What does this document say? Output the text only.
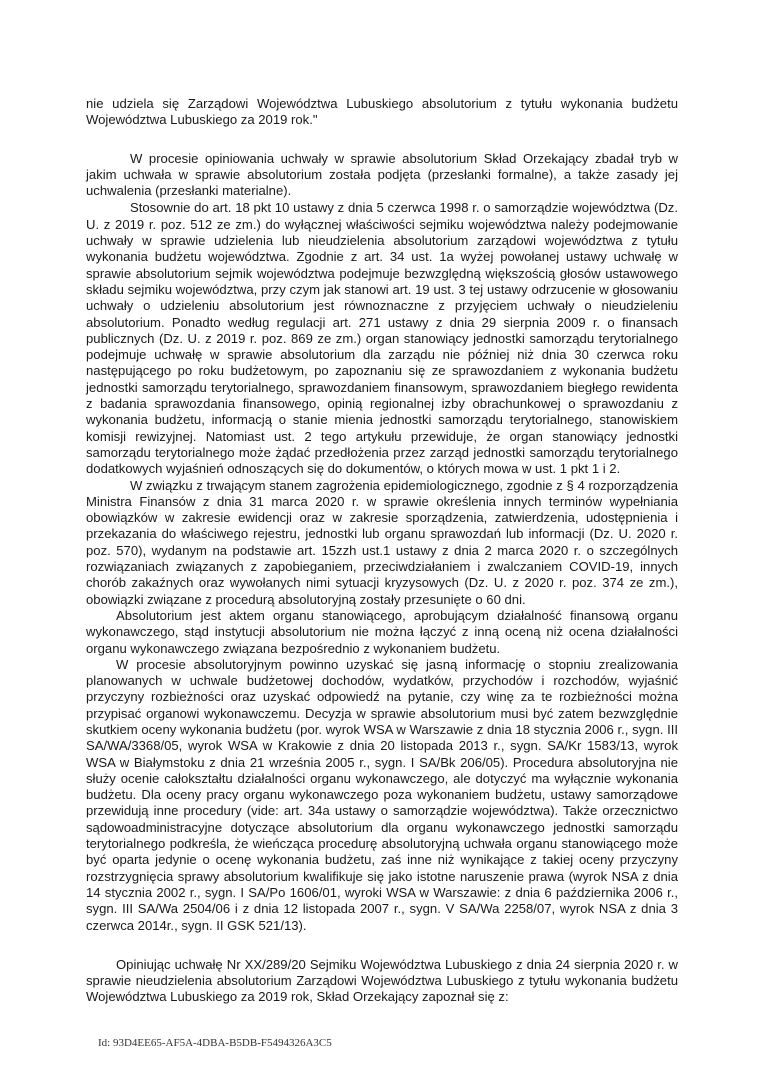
nie udziela się Zarządowi Województwa Lubuskiego absolutorium z tytułu wykonania budżetu Województwa Lubuskiego za 2019 rok."

W procesie opiniowania uchwały w sprawie absolutorium Skład Orzekający zbadał tryb w jakim uchwała w sprawie absolutorium została podjęta (przesłanki formalne), a także zasady jej uchwalenia (przesłanki materialne).

Stosownie do art. 18 pkt 10 ustawy z dnia 5 czerwca 1998 r. o samorządzie województwa (Dz. U. z 2019 r. poz. 512 ze zm.) do wyłącznej właściwości sejmiku województwa należy podejmowanie uchwały w sprawie udzielenia lub nieudzielenia absolutorium zarządowi województwa z tytułu wykonania budżetu województwa. Zgodnie z art. 34 ust. 1a wyżej powołanej ustawy uchwałę w sprawie absolutorium sejmik województwa podejmuje bezwzględną większością głosów ustawowego składu sejmiku województwa, przy czym jak stanowi art. 19 ust. 3 tej ustawy odrzucenie w głosowaniu uchwały o udzieleniu absolutorium jest równoznaczne z przyjęciem uchwały o nieudzieleniu absolutorium. Ponadto według regulacji art. 271 ustawy z dnia 29 sierpnia 2009 r. o finansach publicznych (Dz. U. z 2019 r. poz. 869 ze zm.) organ stanowiący jednostki samorządu terytorialnego podejmuje uchwałę w sprawie absolutorium dla zarządu nie później niż dnia 30 czerwca roku następującego po roku budżetowym, po zapoznaniu się ze sprawozdaniem z wykonania budżetu jednostki samorządu terytorialnego, sprawozdaniem finansowym, sprawozdaniem biegłego rewidenta z badania sprawozdania finansowego, opinią regionalnej izby obrachunkowej o sprawozdaniu z wykonania budżetu, informacją o stanie mienia jednostki samorządu terytorialnego, stanowiskiem komisji rewizyjnej. Natomiast ust. 2 tego artykułu przewiduje, że organ stanowiący jednostki samorządu terytorialnego może żądać przedłożenia przez zarząd jednostki samorządu terytorialnego dodatkowych wyjaśnień odnoszących się do dokumentów, o których mowa w ust. 1 pkt 1 i 2.

W związku z trwającym stanem zagrożenia epidemiologicznego, zgodnie z § 4 rozporządzenia Ministra Finansów z dnia 31 marca 2020 r. w sprawie określenia innych terminów wypełniania obowiązków w zakresie ewidencji oraz w zakresie sporządzenia, zatwierdzenia, udostępnienia i przekazania do właściwego rejestru, jednostki lub organu sprawozdań lub informacji (Dz. U. 2020 r. poz. 570), wydanym na podstawie art. 15zzh ust.1 ustawy z dnia 2 marca 2020 r. o szczególnych rozwiązaniach związanych z zapobieganiem, przeciwdziałaniem i zwalczaniem COVID-19, innych chorób zakaźnych oraz wywołanych nimi sytuacji kryzysowych (Dz. U. z 2020 r. poz. 374 ze zm.), obowiązki związane z procedurą absolutoryjną zostały przesunięte o 60 dni.

Absolutorium jest aktem organu stanowiącego, aprobującym działalność finansową organu wykonawczego, stąd instytucji absolutorium nie można łączyć z inną oceną niż ocena działalności organu wykonawczego związana bezpośrednio z wykonaniem budżetu.

W procesie absolutoryjnym powinno uzyskać się jasną informację o stopniu zrealizowania planowanych w uchwale budżetowej dochodów, wydatków, przychodów i rozchodów, wyjaśnić przyczyny rozbieżności oraz uzyskać odpowiedź na pytanie, czy winę za te rozbieżności można przypisać organowi wykonawczemu. Decyzja w sprawie absolutorium musi być zatem bezwzględnie skutkiem oceny wykonania budżetu (por. wyrok WSA w Warszawie z dnia 18 stycznia 2006 r., sygn. III SA/WA/3368/05, wyrok WSA w Krakowie z dnia 20 listopada 2013 r., sygn. SA/Kr 1583/13, wyrok WSA w Białymstoku z dnia 21 września 2005 r., sygn. I SA/Bk 206/05). Procedura absolutoryjna nie służy ocenie całokształtu działalności organu wykonawczego, ale dotyczyć ma wyłącznie wykonania budżetu. Dla oceny pracy organu wykonawczego poza wykonaniem budżetu, ustawy samorządowe przewidują inne procedury (vide: art. 34a ustawy o samorządzie województwa). Także orzecznictwo sądowoadministracyjne dotyczące absolutorium dla organu wykonawczego jednostki samorządu terytorialnego podkreśla, że wieńcząca procedurę absolutoryjną uchwała organu stanowiącego może być oparta jedynie o ocenę wykonania budżetu, zaś inne niż wynikające z takiej oceny przyczyny rozstrzygnięcia sprawy absolutorium kwalifikuje się jako istotne naruszenie prawa (wyrok NSA z dnia 14 stycznia 2002 r., sygn. I SA/Po 1606/01, wyroki WSA w Warszawie: z dnia 6 października 2006 r., sygn. III SA/Wa 2504/06 i z dnia 12 listopada 2007 r., sygn. V SA/Wa 2258/07, wyrok NSA z dnia 3 czerwca 2014r., sygn. II GSK 521/13).

Opiniując uchwałę Nr XX/289/20 Sejmiku Województwa Lubuskiego z dnia 24 sierpnia 2020 r. w sprawie nieudzielenia absolutorium Zarządowi Województwa Lubuskiego z tytułu wykonania budżetu Województwa Lubuskiego za 2019 rok, Skład Orzekający zapoznał się z:

Id: 93D4EE65-AF5A-4DBA-B5DB-F5494326A3C5
